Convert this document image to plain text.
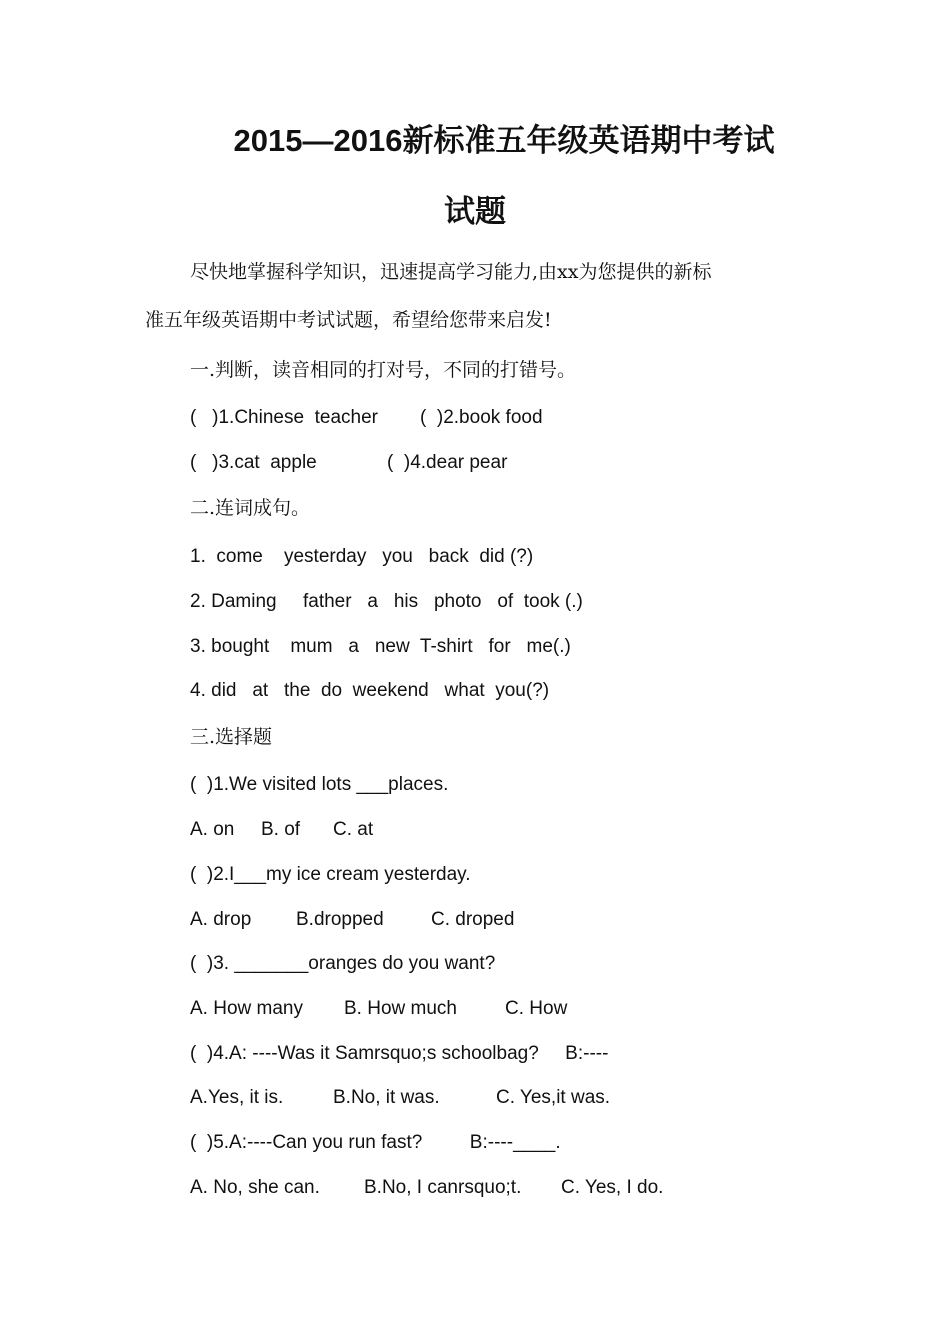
2015—2016新标准五年级英语期中考试
试题
尽快地掌握科学知识，迅速提高学习能力,由xx为您提供的新标
准五年级英语期中考试试题，希望给您带来启发!
一.判断，读音相同的打对号，不同的打错号。
(   )1.Chinese  teacher (  )2.book food
(   )3.cat  apple	(  )4.dear pear
二.连词成句。
1.  come    yesterday   you   back  did (?)
2. Daming     father   a   his   photo   of  took (.)
3. bought    mum   a   new  T-shirt   for   me(.)
4. did   at   the  do  weekend   what  you(?)
三.选择题
(  )1.We visited lots ___places.
A. on B. of C. at
(  )2.I___my ice cream yesterday.
A. drop B.dropped C. droped
(  )3. _______oranges do you want?
A. How many B. How much	C. How
(  )4.A: ----Was it Samrsquo;s schoolbag?     B:----
A.Yes, it is.	B.No, it was.	C. Yes,it was.
(  )5.A:----Can you run fast?         B:----____.
A. No, she can. B.No, I canrsquo;t. C. Yes, I do.
